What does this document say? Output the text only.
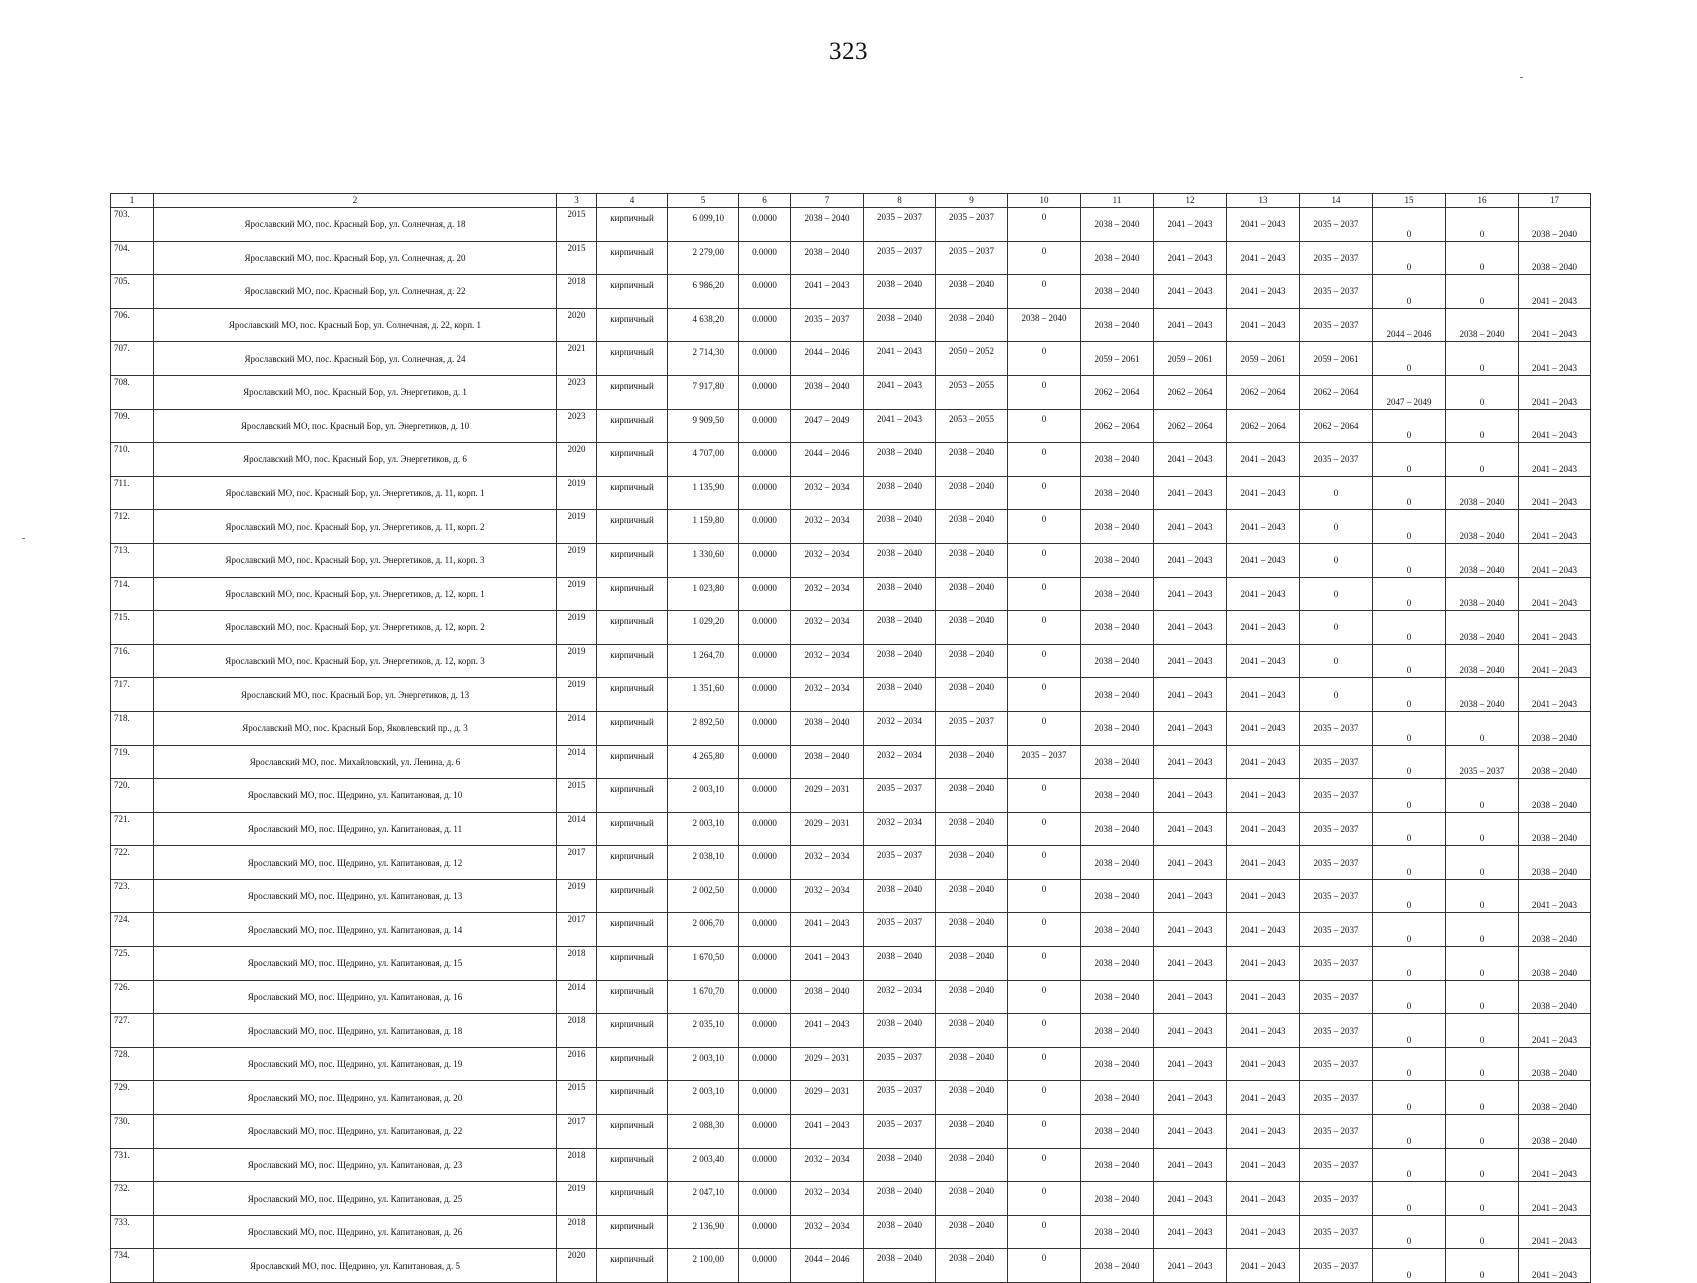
323
1	2	3	4	5	6	7	8	9	10	11	12	13	14	15	16	17
703.	Ярославский МО, пос. Красный Бор, ул. Солнечная, д. 18	2015	кирпичный	6 099,10	0.0000	2038 – 2040	2035 – 2037	2035 – 2037	0	2038 – 2040	2041 – 2043	2041 – 2043	2035 – 2037	0	0	2038 – 2040
704.	Ярославский МО, пос. Красный Бор, ул. Солнечная, д. 20	2015	кирпичный	2 279,00	0.0000	2038 – 2040	2035 – 2037	2035 – 2037	0	2038 – 2040	2041 – 2043	2041 – 2043	2035 – 2037	0	0	2038 – 2040
705.	Ярославский МО, пос. Красный Бор, ул. Солнечная, д. 22	2018	кирпичный	6 986,20	0.0000	2041 – 2043	2038 – 2040	2038 – 2040	0	2038 – 2040	2041 – 2043	2041 – 2043	2035 – 2037	0	0	2041 – 2043
706.	Ярославский МО, пос. Красный Бор, ул. Солнечная, д. 22, корп. 1	2020	кирпичный	4 638,20	0.0000	2035 – 2037	2038 – 2040	2038 – 2040	2038 – 2040	2038 – 2040	2041 – 2043	2041 – 2043	2035 – 2037	2044 – 2046	2038 – 2040	2041 – 2043
707.	Ярославский МО, пос. Красный Бор, ул. Солнечная, д. 24	2021	кирпичный	2 714,30	0.0000	2044 – 2046	2041 – 2043	2050 – 2052	0	2059 – 2061	2059 – 2061	2059 – 2061	2059 – 2061	0	0	2041 – 2043
708.	Ярославский МО, пос. Красный Бор, ул. Энергетиков, д. 1	2023	кирпичный	7 917,80	0.0000	2038 – 2040	2041 – 2043	2053 – 2055	0	2062 – 2064	2062 – 2064	2062 – 2064	2062 – 2064	2047 – 2049	0	2041 – 2043
709.	Ярославский МО, пос. Красный Бор, ул. Энергетиков, д. 10	2023	кирпичный	9 909,50	0.0000	2047 – 2049	2041 – 2043	2053 – 2055	0	2062 – 2064	2062 – 2064	2062 – 2064	2062 – 2064	0	0	2041 – 2043
710.	Ярославский МО, пос. Красный Бор, ул. Энергетиков, д. 6	2020	кирпичный	4 707,00	0.0000	2044 – 2046	2038 – 2040	2038 – 2040	0	2038 – 2040	2041 – 2043	2041 – 2043	2035 – 2037	0	0	2041 – 2043
711.	Ярославский МО, пос. Красный Бор, ул. Энергетиков, д. 11, корп. 1	2019	кирпичный	1 135,90	0.0000	2032 – 2034	2038 – 2040	2038 – 2040	0	2038 – 2040	2041 – 2043	2041 – 2043	0	0	2038 – 2040	2041 – 2043
712.	Ярославский МО, пос. Красный Бор, ул. Энергетиков, д. 11, корп. 2	2019	кирпичный	1 159,80	0.0000	2032 – 2034	2038 – 2040	2038 – 2040	0	2038 – 2040	2041 – 2043	2041 – 2043	0	0	2038 – 2040	2041 – 2043
713.	Ярославский МО, пос. Красный Бор, ул. Энергетиков, д. 11, корп. 3	2019	кирпичный	1 330,60	0.0000	2032 – 2034	2038 – 2040	2038 – 2040	0	2038 – 2040	2041 – 2043	2041 – 2043	0	0	2038 – 2040	2041 – 2043
714.	Ярославский МО, пос. Красный Бор, ул. Энергетиков, д. 12, корп. 1	2019	кирпичный	1 023,80	0.0000	2032 – 2034	2038 – 2040	2038 – 2040	0	2038 – 2040	2041 – 2043	2041 – 2043	0	0	2038 – 2040	2041 – 2043
715.	Ярославский МО, пос. Красный Бор, ул. Энергетиков, д. 12, корп. 2	2019	кирпичный	1 029,20	0.0000	2032 – 2034	2038 – 2040	2038 – 2040	0	2038 – 2040	2041 – 2043	2041 – 2043	0	0	2038 – 2040	2041 – 2043
716.	Ярославский МО, пос. Красный Бор, ул. Энергетиков, д. 12, корп. 3	2019	кирпичный	1 264,70	0.0000	2032 – 2034	2038 – 2040	2038 – 2040	0	2038 – 2040	2041 – 2043	2041 – 2043	0	0	2038 – 2040	2041 – 2043
717.	Ярославский МО, пос. Красный Бор, ул. Энергетиков, д. 13	2019	кирпичный	1 351,60	0.0000	2032 – 2034	2038 – 2040	2038 – 2040	0	2038 – 2040	2041 – 2043	2041 – 2043	0	0	2038 – 2040	2041 – 2043
718.	Ярославский МО, пос. Красный Бор, Яковлевский пр., д. 3	2014	кирпичный	2 892,50	0.0000	2038 – 2040	2032 – 2034	2035 – 2037	0	2038 – 2040	2041 – 2043	2041 – 2043	2035 – 2037	0	0	2038 – 2040
719.	Ярославский МО, пос. Михайловский, ул. Ленина, д. 6	2014	кирпичный	4 265,80	0.0000	2038 – 2040	2032 – 2034	2038 – 2040	2035 – 2037	2038 – 2040	2041 – 2043	2041 – 2043	2035 – 2037	0	2035 – 2037	2038 – 2040
720.	Ярославский МО, пос. Щедрино, ул. Капитановая, д. 10	2015	кирпичный	2 003,10	0.0000	2029 – 2031	2035 – 2037	2038 – 2040	0	2038 – 2040	2041 – 2043	2041 – 2043	2035 – 2037	0	0	2038 – 2040
721.	Ярославский МО, пос. Щедрино, ул. Капитановая, д. 11	2014	кирпичный	2 003,10	0.0000	2029 – 2031	2032 – 2034	2038 – 2040	0	2038 – 2040	2041 – 2043	2041 – 2043	2035 – 2037	0	0	2038 – 2040
722.	Ярославский МО, пос. Щедрино, ул. Капитановая, д. 12	2017	кирпичный	2 038,10	0.0000	2032 – 2034	2035 – 2037	2038 – 2040	0	2038 – 2040	2041 – 2043	2041 – 2043	2035 – 2037	0	0	2038 – 2040
723.	Ярославский МО, пос. Щедрино, ул. Капитановая, д. 13	2019	кирпичный	2 002,50	0.0000	2032 – 2034	2038 – 2040	2038 – 2040	0	2038 – 2040	2041 – 2043	2041 – 2043	2035 – 2037	0	0	2041 – 2043
724.	Ярославский МО, пос. Щедрино, ул. Капитановая, д. 14	2017	кирпичный	2 006,70	0.0000	2041 – 2043	2035 – 2037	2038 – 2040	0	2038 – 2040	2041 – 2043	2041 – 2043	2035 – 2037	0	0	2038 – 2040
725.	Ярославский МО, пос. Щедрино, ул. Капитановая, д. 15	2018	кирпичный	1 670,50	0.0000	2041 – 2043	2038 – 2040	2038 – 2040	0	2038 – 2040	2041 – 2043	2041 – 2043	2035 – 2037	0	0	2038 – 2040
726.	Ярославский МО, пос. Щедрино, ул. Капитановая, д. 16	2014	кирпичный	1 670,70	0.0000	2038 – 2040	2032 – 2034	2038 – 2040	0	2038 – 2040	2041 – 2043	2041 – 2043	2035 – 2037	0	0	2038 – 2040
727.	Ярославский МО, пос. Щедрино, ул. Капитановая, д. 18	2018	кирпичный	2 035,10	0.0000	2041 – 2043	2038 – 2040	2038 – 2040	0	2038 – 2040	2041 – 2043	2041 – 2043	2035 – 2037	0	0	2041 – 2043
728.	Ярославский МО, пос. Щедрино, ул. Капитановая, д. 19	2016	кирпичный	2 003,10	0.0000	2029 – 2031	2035 – 2037	2038 – 2040	0	2038 – 2040	2041 – 2043	2041 – 2043	2035 – 2037	0	0	2038 – 2040
729.	Ярославский МО, пос. Щедрино, ул. Капитановая, д. 20	2015	кирпичный	2 003,10	0.0000	2029 – 2031	2035 – 2037	2038 – 2040	0	2038 – 2040	2041 – 2043	2041 – 2043	2035 – 2037	0	0	2038 – 2040
730.	Ярославский МО, пос. Щедрино, ул. Капитановая, д. 22	2017	кирпичный	2 088,30	0.0000	2041 – 2043	2035 – 2037	2038 – 2040	0	2038 – 2040	2041 – 2043	2041 – 2043	2035 – 2037	0	0	2038 – 2040
731.	Ярославский МО, пос. Щедрино, ул. Капитановая, д. 23	2018	кирпичный	2 003,40	0.0000	2032 – 2034	2038 – 2040	2038 – 2040	0	2038 – 2040	2041 – 2043	2041 – 2043	2035 – 2037	0	0	2041 – 2043
732.	Ярославский МО, пос. Щедрино, ул. Капитановая, д. 25	2019	кирпичный	2 047,10	0.0000	2032 – 2034	2038 – 2040	2038 – 2040	0	2038 – 2040	2041 – 2043	2041 – 2043	2035 – 2037	0	0	2041 – 2043
733.	Ярославский МО, пос. Щедрино, ул. Капитановая, д. 26	2018	кирпичный	2 136,90	0.0000	2032 – 2034	2038 – 2040	2038 – 2040	0	2038 – 2040	2041 – 2043	2041 – 2043	2035 – 2037	0	0	2041 – 2043
734.	Ярославский МО, пос. Щедрино, ул. Капитановая, д. 5	2020	кирпичный	2 100,00	0.0000	2044 – 2046	2038 – 2040	2038 – 2040	0	2038 – 2040	2041 – 2043	2041 – 2043	2035 – 2037	0	0	2041 – 2043
